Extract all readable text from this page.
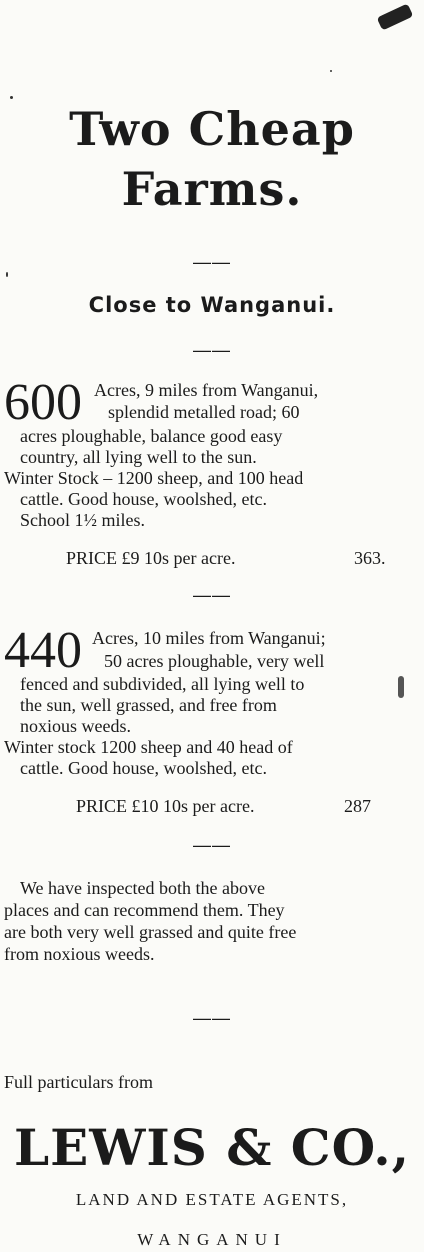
Two Cheap
Farms.
——
Close to Wanganui.
——
600 Acres, 9 miles from Wanganui,
splendid metalled road; 60
acres ploughable, balance good easy
country, all lying well to the sun.
Winter Stock – 1200 sheep, and 100 head
cattle. Good house, woolshed, etc.
School 1½ miles.
PRICE £9 10s per acre.	363.
——
440 Acres, 10 miles from Wanganui;
50 acres ploughable, very well
fenced and subdivided, all lying well to
the sun, well grassed, and free from
noxious weeds.
Winter stock 1200 sheep and 40 head of
cattle. Good house, woolshed, etc.
PRICE £10 10s per acre.	287
——
We have inspected both the above
places and can recommend them. They
are both very well grassed and quite free
from noxious weeds.
——
Full particulars from
LEWIS & CO.,
LAND AND ESTATE AGENTS,
WANGANUI
